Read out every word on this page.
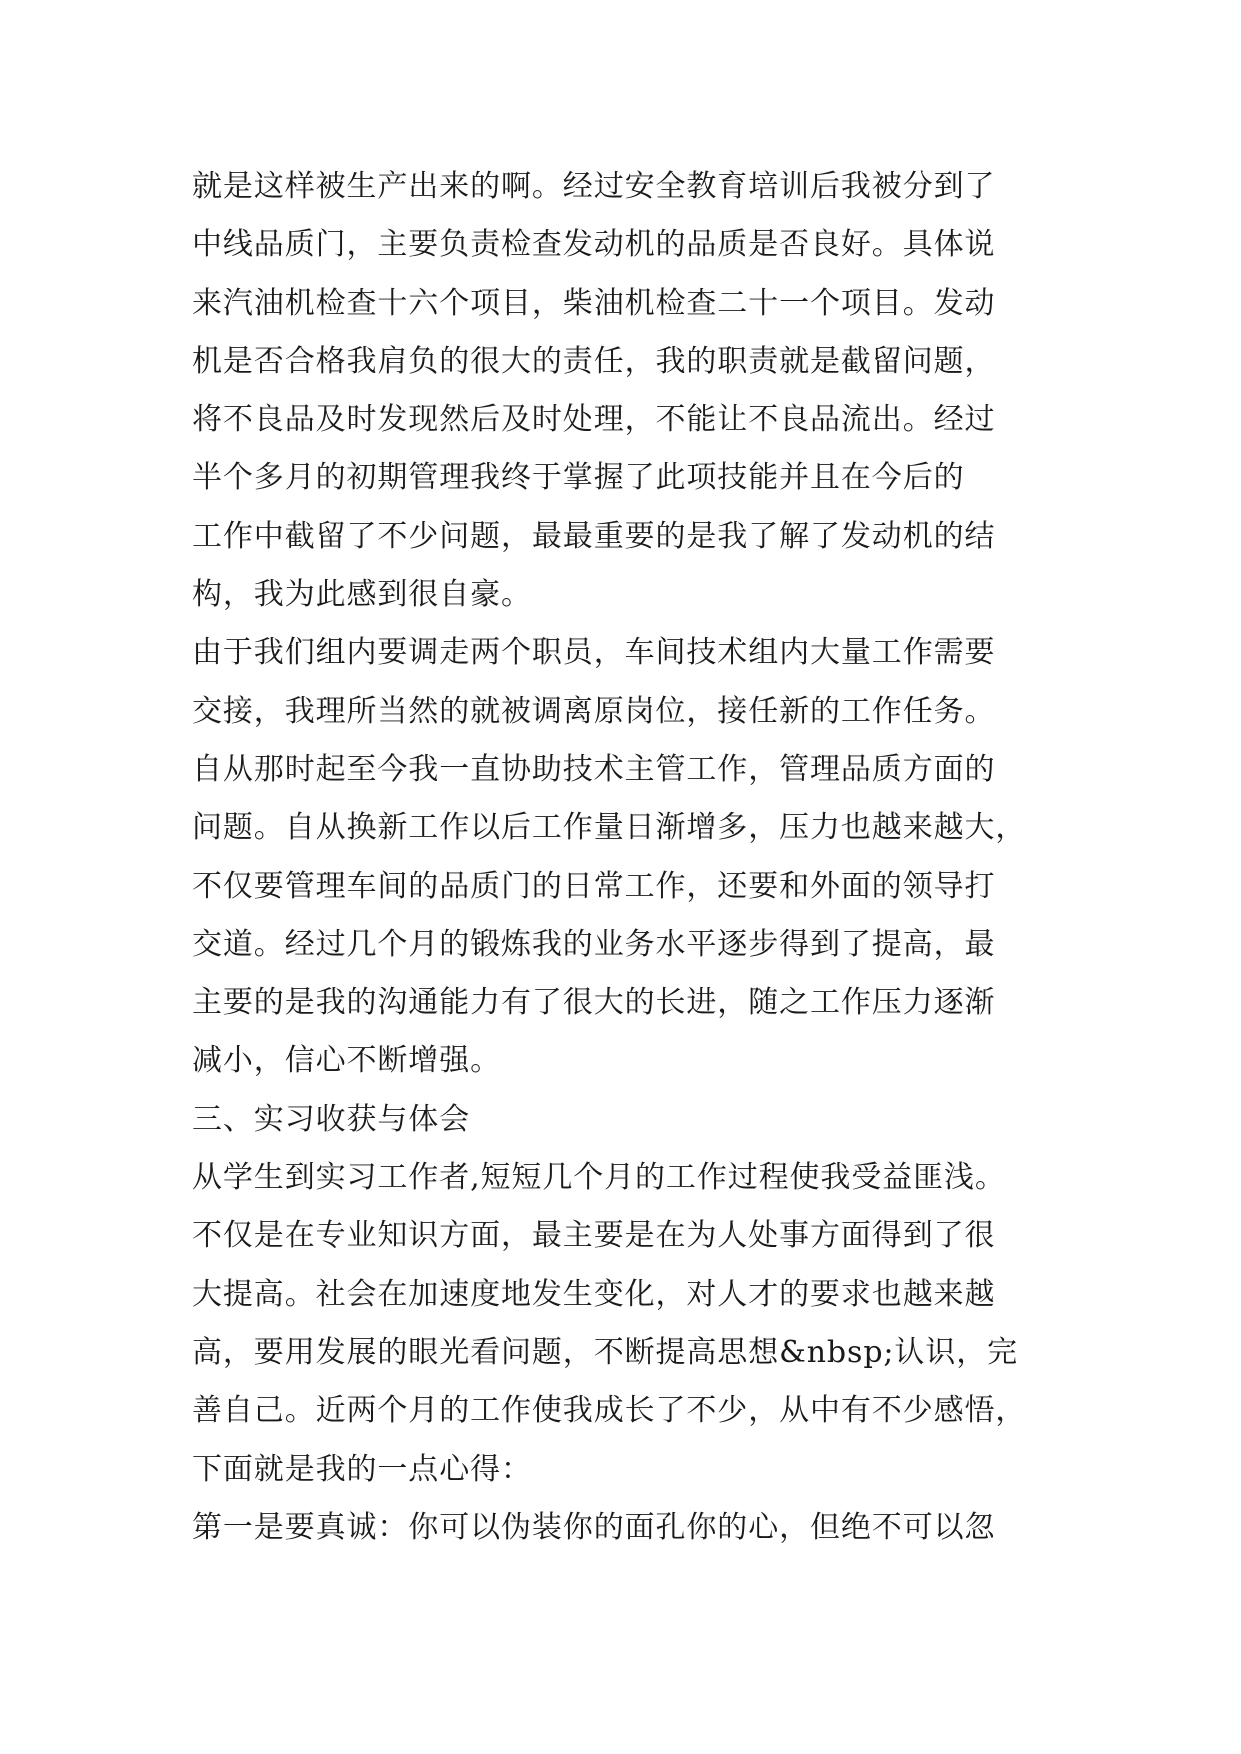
就是这样被生产出来的啊。经过安全教育培训后我被分到了
中线品质门，主要负责检查发动机的品质是否良好。具体说
来汽油机检查十六个项目，柴油机检查二十一个项目。发动
机是否合格我肩负的很大的责任，我的职责就是截留问题，
将不良品及时发现然后及时处理，不能让不良品流出。经过
半个多月的初期管理我终于掌握了此项技能并且在今后的
工作中截留了不少问题，最最重要的是我了解了发动机的结
构，我为此感到很自豪。
由于我们组内要调走两个职员，车间技术组内大量工作需要
交接，我理所当然的就被调离原岗位，接任新的工作任务。
自从那时起至今我一直协助技术主管工作，管理品质方面的
问题。自从换新工作以后工作量日渐增多，压力也越来越大，
不仅要管理车间的品质门的日常工作，还要和外面的领导打
交道。经过几个月的锻炼我的业务水平逐步得到了提高，最
主要的是我的沟通能力有了很大的长进，随之工作压力逐渐
减小，信心不断增强。
三、实习收获与体会
从学生到实习工作者,短短几个月的工作过程使我受益匪浅。
不仅是在专业知识方面，最主要是在为人处事方面得到了很
大提高。社会在加速度地发生变化，对人才的要求也越来越
高，要用发展的眼光看问题，不断提高思想&nbsp;认识，完
善自己。近两个月的工作使我成长了不少，从中有不少感悟，
下面就是我的一点心得：
第一是要真诚：你可以伪装你的面孔你的心，但绝不可以忽
